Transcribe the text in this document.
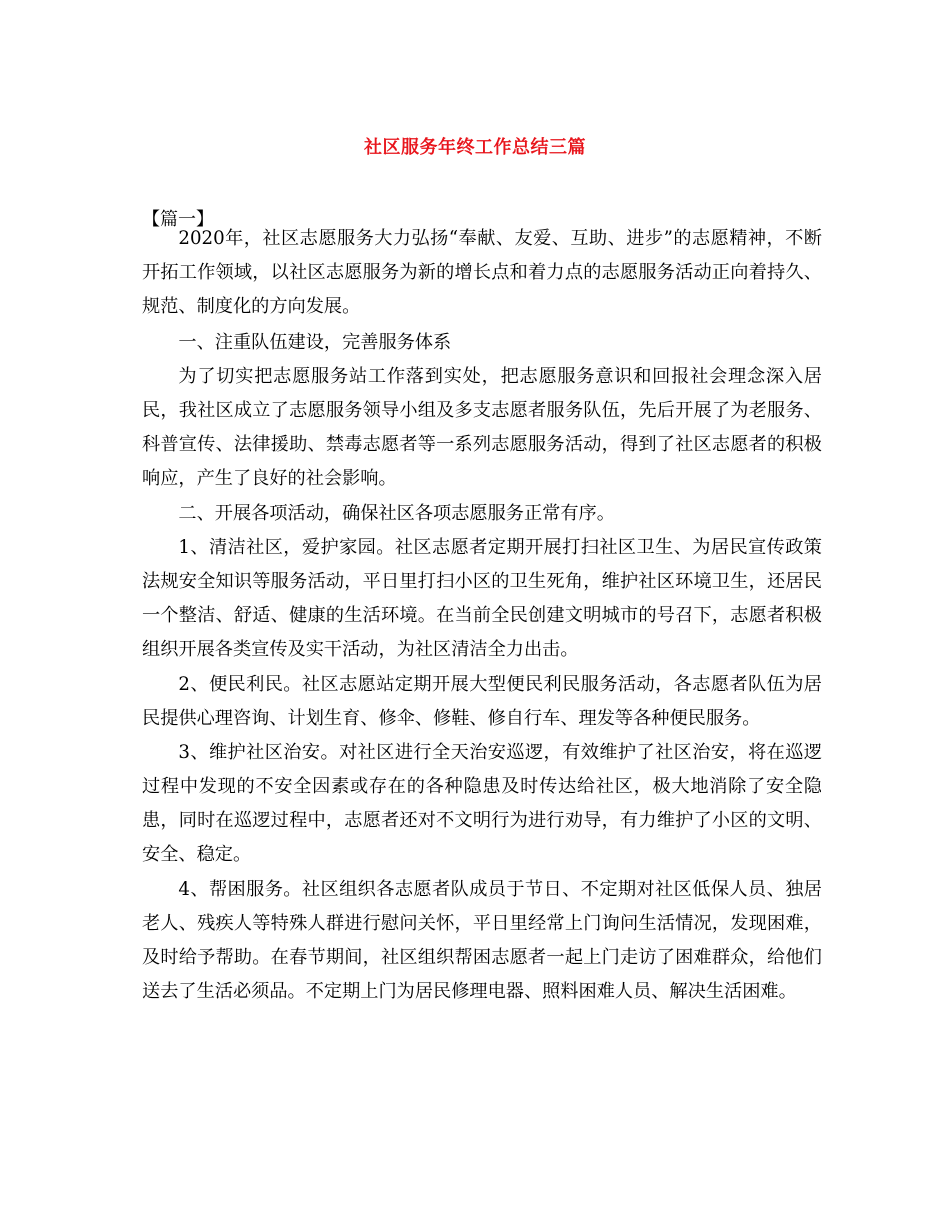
社区服务年终工作总结三篇
【篇一】

2020年，社区志愿服务大力弘扬“奉献、友爱、互助、进步”的志愿精神，不断开拓工作领域，以社区志愿服务为新的增长点和着力点的志愿服务活动正向着持久、规范、制度化的方向发展。

一、注重队伍建设，完善服务体系

为了切实把志愿服务站工作落到实处，把志愿服务意识和回报社会理念深入居民，我社区成立了志愿服务领导小组及多支志愿者服务队伍，先后开展了为老服务、科普宣传、法律援助、禁毒志愿者等一系列志愿服务活动，得到了社区志愿者的积极响应，产生了良好的社会影响。

二、开展各项活动，确保社区各项志愿服务正常有序。

1、清洁社区，爱护家园。社区志愿者定期开展打扫社区卫生、为居民宣传政策法规安全知识等服务活动，平日里打扫小区的卫生死角，维护社区环境卫生，还居民一个整洁、舒适、健康的生活环境。在当前全民创建文明城市的号召下，志愿者积极组织开展各类宣传及实干活动，为社区清洁全力出击。

2、便民利民。社区志愿站定期开展大型便民利民服务活动，各志愿者队伍为居民提供心理咨询、计划生育、修伞、修鞋、修自行车、理发等各种便民服务。

3、维护社区治安。对社区进行全天治安巡逻，有效维护了社区治安，将在巡逻过程中发现的不安全因素或存在的各种隐患及时传达给社区，极大地消除了安全隐患，同时在巡逻过程中，志愿者还对不文明行为进行劝导，有力维护了小区的文明、安全、稳定。

4、帮困服务。社区组织各志愿者队成员于节日、不定期对社区低保人员、独居老人、残疾人等特殊人群进行慰问关怀，平日里经常上门询问生活情况，发现困难，及时给予帮助。在春节期间，社区组织帮困志愿者一起上门走访了困难群众，给他们送去了生活必须品。不定期上门为居民修理电器、照料困难人员、解决生活困难。
